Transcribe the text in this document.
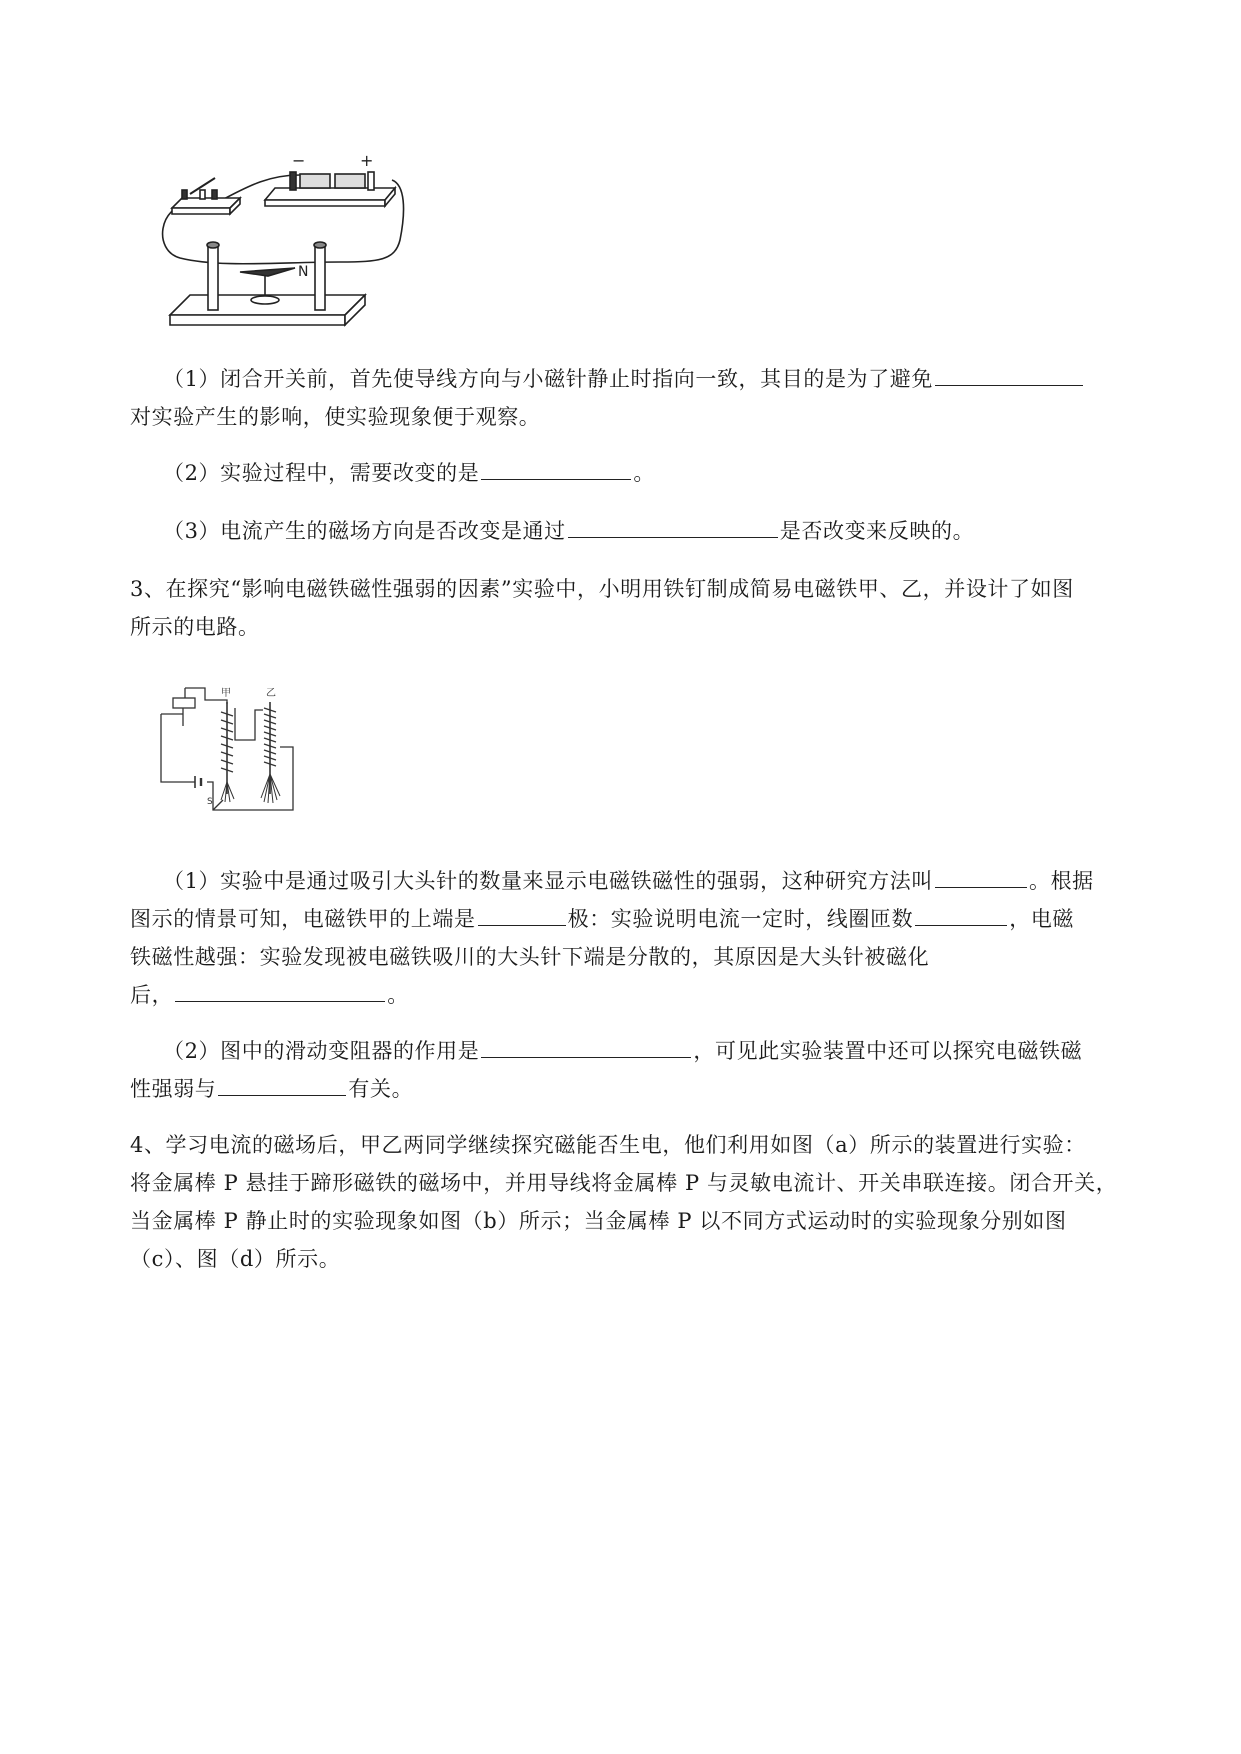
−	+
N
（1）闭合开关前，首先使导线方向与小磁针静止时指向一致，其目的是为了避免
对实验产生的影响，使实验现象便于观察。
（2）实验过程中，需要改变的是	。
（3）电流产生的磁场方向是否改变是通过	是否改变来反映的。
3、在探究“影响电磁铁磁性强弱的因素”实验中，小明用铁钉制成简易电磁铁甲、乙，并设计了如图
所示的电路。
甲	乙
S
（1）实验中是通过吸引大头针的数量来显示电磁铁磁性的强弱，这种研究方法叫	。根据
图示的情景可知，电磁铁甲的上端是	极：实验说明电流一定时，线圈匝数	，电磁
铁磁性越强：实验发现被电磁铁吸川的大头针下端是分散的，其原因是大头针被磁化
后，	。
（2）图中的滑动变阻器的作用是	，可见此实验装置中还可以探究电磁铁磁
性强弱与	有关。
4、学习电流的磁场后，甲乙两同学继续探究磁能否生电，他们利用如图（a）所示的装置进行实验：
将金属棒 P 悬挂于蹄形磁铁的磁场中，并用导线将金属棒 P 与灵敏电流计、开关串联连接。闭合开关，
当金属棒 P 静止时的实验现象如图（b）所示；当金属棒 P 以不同方式运动时的实验现象分别如图
（c）、图（d）所示。
